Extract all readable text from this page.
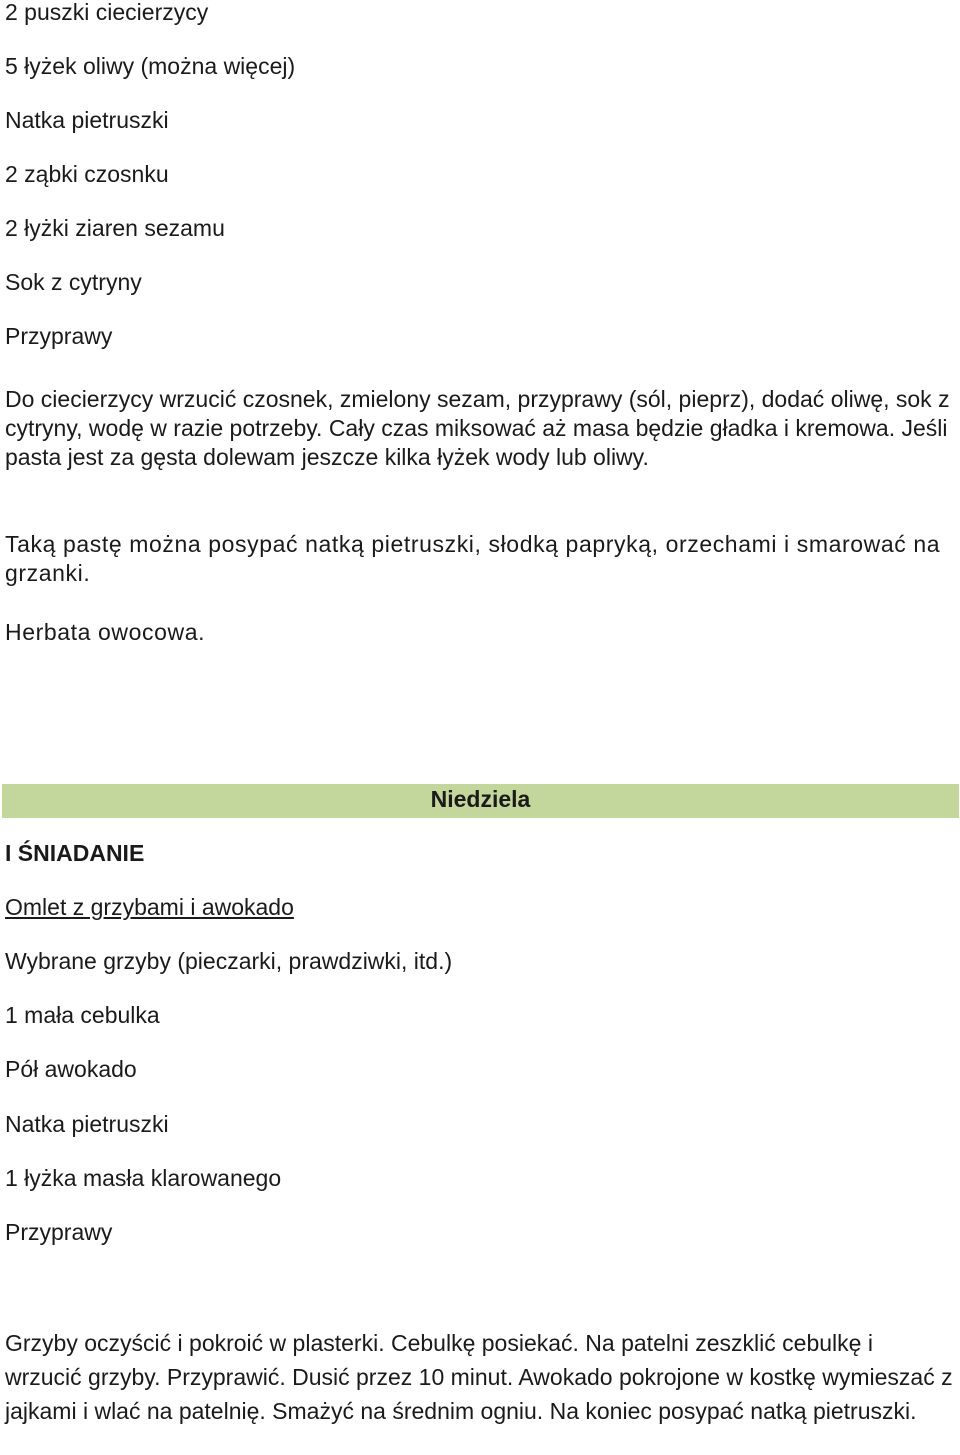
2 puszki ciecierzycy
5 łyżek oliwy (można więcej)
Natka pietruszki
2 ząbki czosnku
2 łyżki ziaren sezamu
Sok z cytryny
Przyprawy
Do ciecierzycy wrzucić czosnek, zmielony sezam, przyprawy (sól, pieprz), dodać oliwę, sok z cytryny, wodę w razie potrzeby. Cały czas miksować aż masa będzie gładka i kremowa. Jeśli pasta jest za gęsta dolewam jeszcze kilka łyżek wody lub oliwy.
Taką pastę można posypać natką pietruszki, słodką papryką, orzechami i smarować na grzanki.
Herbata owocowa.
Niedziela
I ŚNIADANIE
Omlet z grzybami i awokado
Wybrane grzyby (pieczarki, prawdziwki, itd.)
1 mała cebulka
Pół awokado
Natka pietruszki
1 łyżka masła klarowanego
Przyprawy
Grzyby oczyścić i pokroić w plasterki. Cebulkę posiekać. Na patelni zeszklić cebulkę i wrzucić grzyby. Przyprawić. Dusić przez 10 minut. Awokado pokrojone w kostkę wymieszać z jajkami i wlać na patelnię. Smażyć na średnim ogniu. Na koniec posypać natką pietruszki.
